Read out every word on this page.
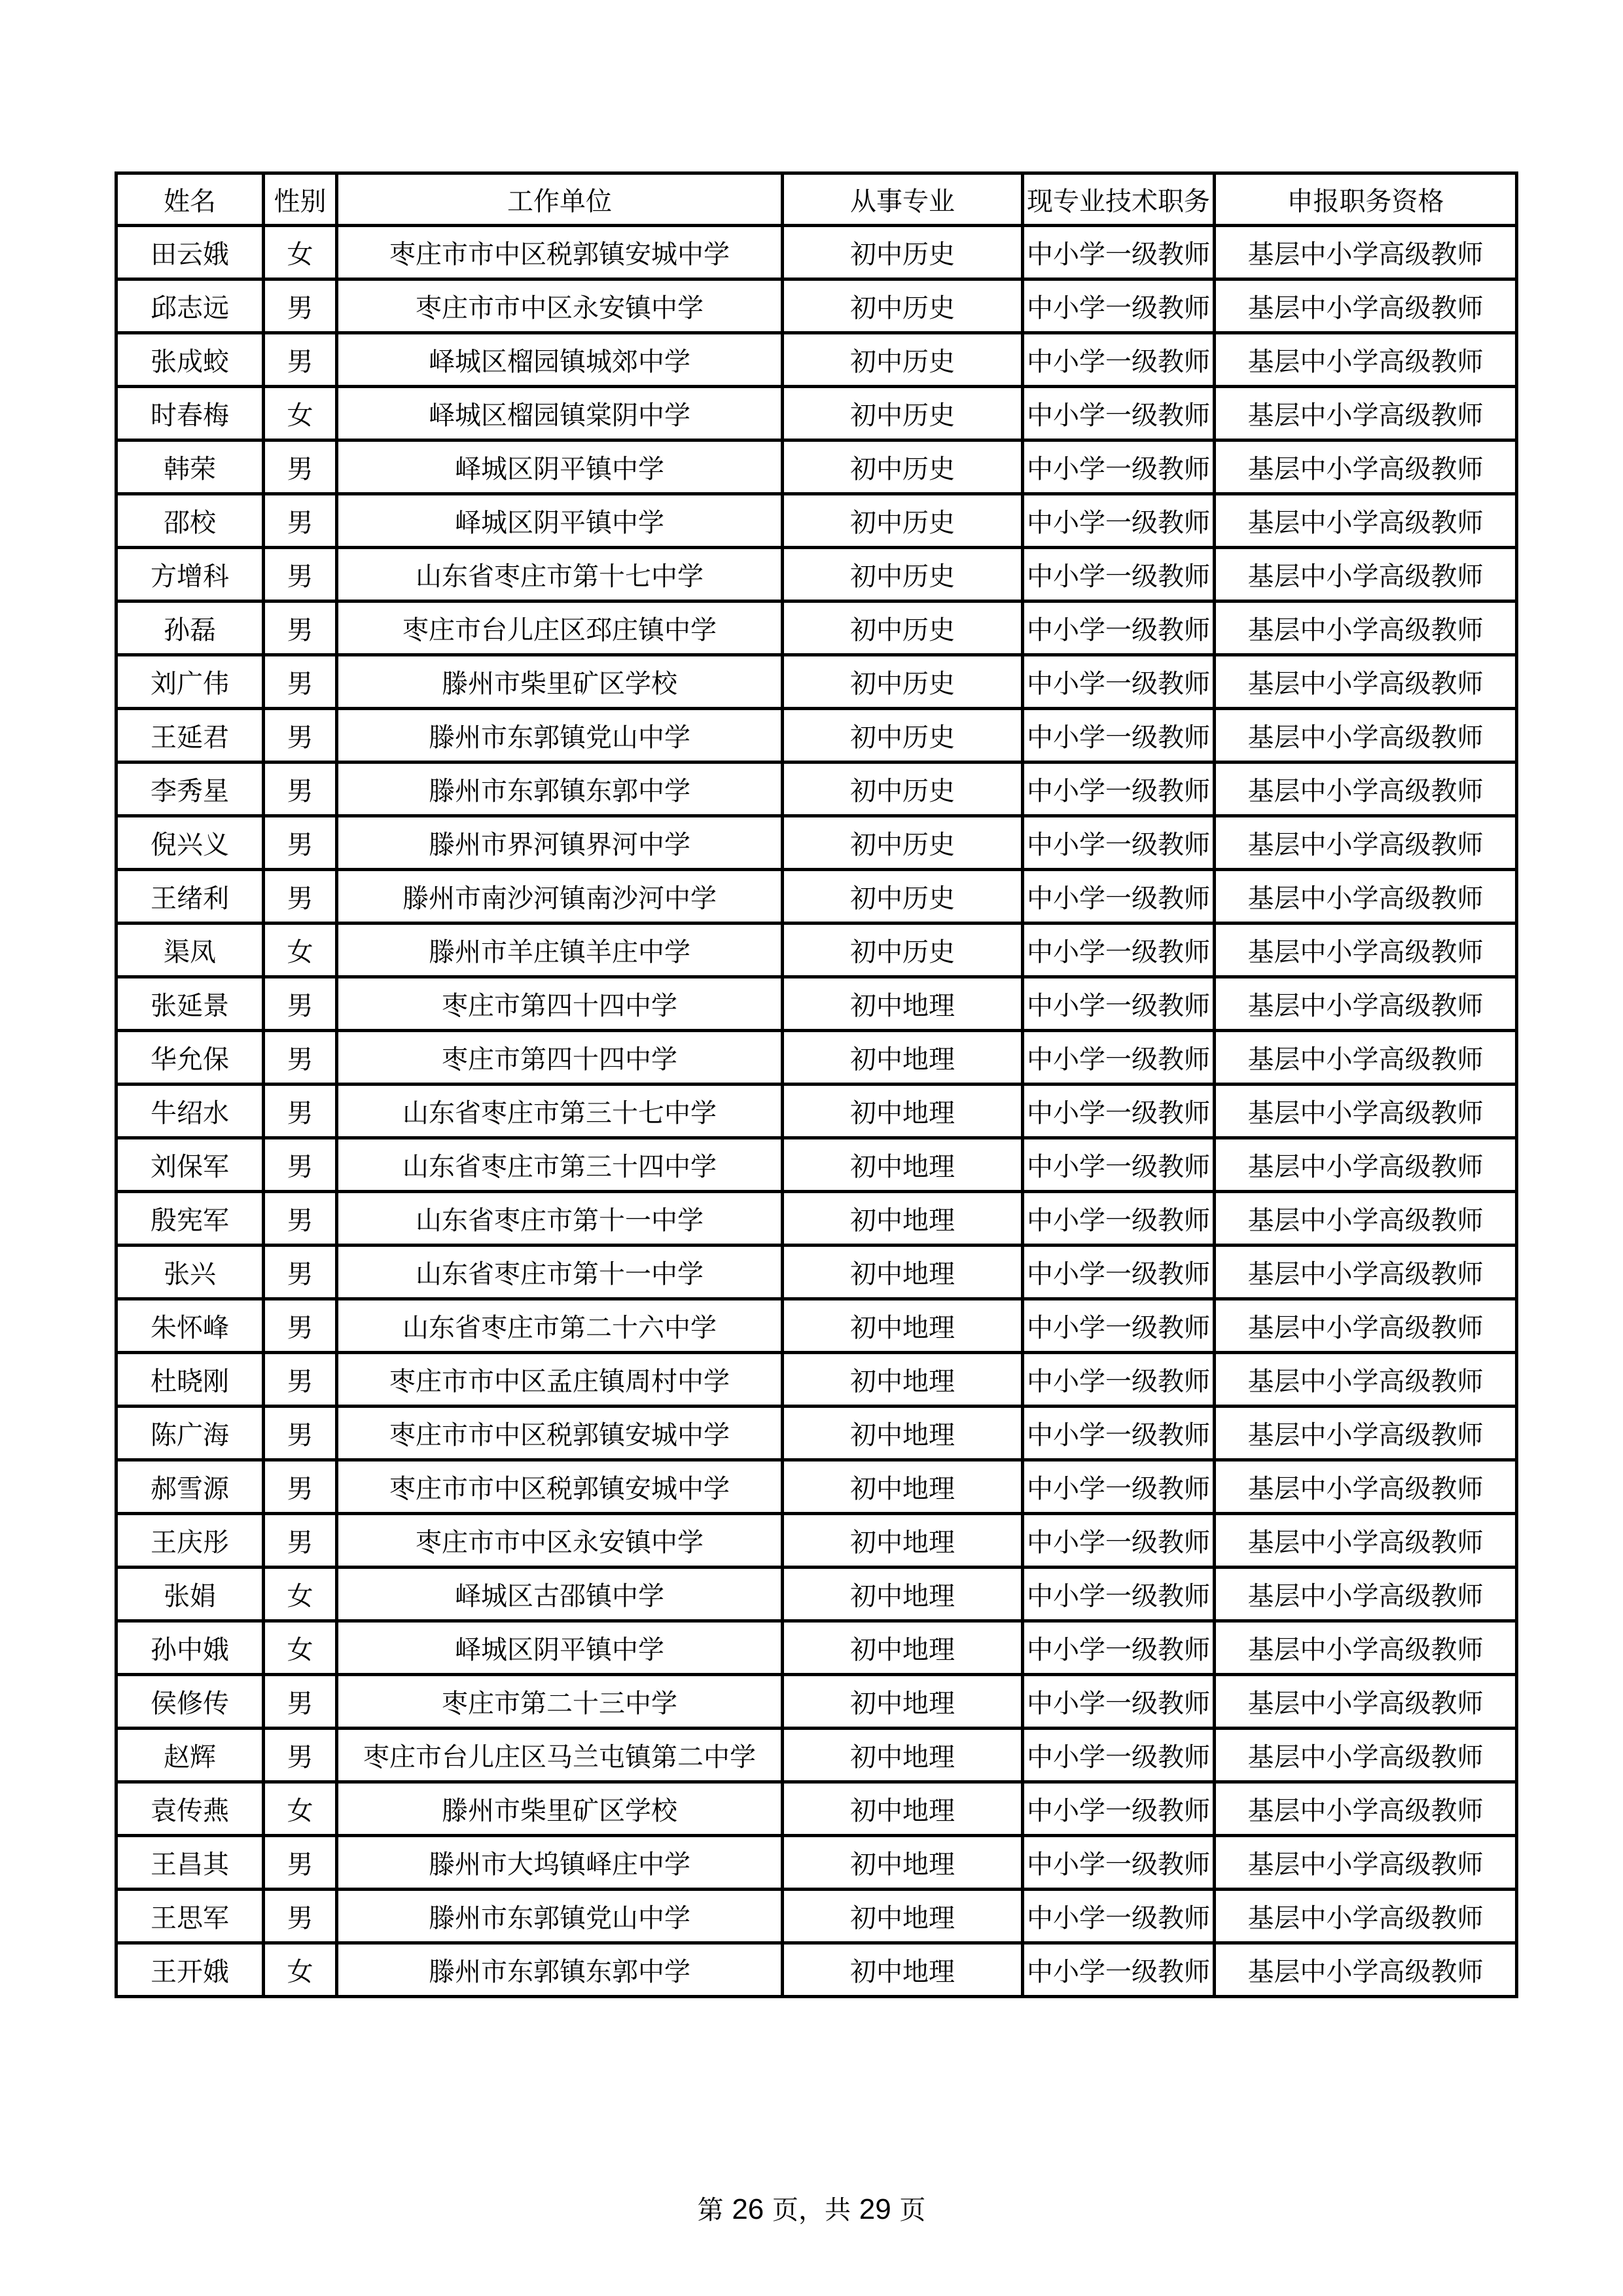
姓名	性别	工作单位	从事专业	现专业技术职务	申报职务资格
田云娥	女	枣庄市市中区税郭镇安城中学	初中历史	中小学一级教师	基层中小学高级教师
邱志远	男	枣庄市市中区永安镇中学	初中历史	中小学一级教师	基层中小学高级教师
张成蛟	男	峄城区榴园镇城郊中学	初中历史	中小学一级教师	基层中小学高级教师
时春梅	女	峄城区榴园镇棠阴中学	初中历史	中小学一级教师	基层中小学高级教师
韩荣	男	峄城区阴平镇中学	初中历史	中小学一级教师	基层中小学高级教师
邵校	男	峄城区阴平镇中学	初中历史	中小学一级教师	基层中小学高级教师
方增科	男	山东省枣庄市第十七中学	初中历史	中小学一级教师	基层中小学高级教师
孙磊	男	枣庄市台儿庄区邳庄镇中学	初中历史	中小学一级教师	基层中小学高级教师
刘广伟	男	滕州市柴里矿区学校	初中历史	中小学一级教师	基层中小学高级教师
王延君	男	滕州市东郭镇党山中学	初中历史	中小学一级教师	基层中小学高级教师
李秀星	男	滕州市东郭镇东郭中学	初中历史	中小学一级教师	基层中小学高级教师
倪兴义	男	滕州市界河镇界河中学	初中历史	中小学一级教师	基层中小学高级教师
王绪利	男	滕州市南沙河镇南沙河中学	初中历史	中小学一级教师	基层中小学高级教师
渠凤	女	滕州市羊庄镇羊庄中学	初中历史	中小学一级教师	基层中小学高级教师
张延景	男	枣庄市第四十四中学	初中地理	中小学一级教师	基层中小学高级教师
华允保	男	枣庄市第四十四中学	初中地理	中小学一级教师	基层中小学高级教师
牛绍水	男	山东省枣庄市第三十七中学	初中地理	中小学一级教师	基层中小学高级教师
刘保军	男	山东省枣庄市第三十四中学	初中地理	中小学一级教师	基层中小学高级教师
殷宪军	男	山东省枣庄市第十一中学	初中地理	中小学一级教师	基层中小学高级教师
张兴	男	山东省枣庄市第十一中学	初中地理	中小学一级教师	基层中小学高级教师
朱怀峰	男	山东省枣庄市第二十六中学	初中地理	中小学一级教师	基层中小学高级教师
杜晓刚	男	枣庄市市中区孟庄镇周村中学	初中地理	中小学一级教师	基层中小学高级教师
陈广海	男	枣庄市市中区税郭镇安城中学	初中地理	中小学一级教师	基层中小学高级教师
郝雪源	男	枣庄市市中区税郭镇安城中学	初中地理	中小学一级教师	基层中小学高级教师
王庆彤	男	枣庄市市中区永安镇中学	初中地理	中小学一级教师	基层中小学高级教师
张娟	女	峄城区古邵镇中学	初中地理	中小学一级教师	基层中小学高级教师
孙中娥	女	峄城区阴平镇中学	初中地理	中小学一级教师	基层中小学高级教师
侯修传	男	枣庄市第二十三中学	初中地理	中小学一级教师	基层中小学高级教师
赵辉	男	枣庄市台儿庄区马兰屯镇第二中学	初中地理	中小学一级教师	基层中小学高级教师
袁传燕	女	滕州市柴里矿区学校	初中地理	中小学一级教师	基层中小学高级教师
王昌其	男	滕州市大坞镇峄庄中学	初中地理	中小学一级教师	基层中小学高级教师
王思军	男	滕州市东郭镇党山中学	初中地理	中小学一级教师	基层中小学高级教师
王开娥	女	滕州市东郭镇东郭中学	初中地理	中小学一级教师	基层中小学高级教师
第 26 页，共 29 页
